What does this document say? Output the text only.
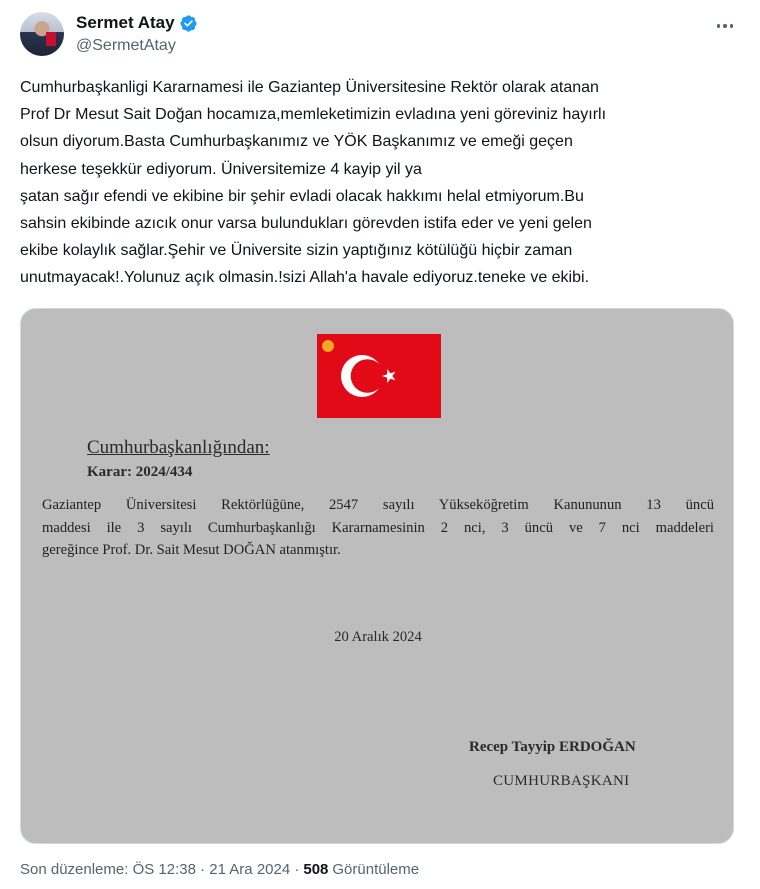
Sermet Atay
@SermetAtay
Cumhurbaşkanligi Kararnamesi ile Gaziantep Üniversitesine Rektör olarak atanan
Prof Dr Mesut Sait Doğan hocamıza,memleketimizin evladına yeni göreviniz hayırlı
olsun diyorum.Basta Cumhurbaşkanımız ve YÖK Başkanımız ve emeği geçen
herkese teşekkür ediyorum. Üniversitemize 4 kayip yil ya
şatan sağır efendi ve ekibine bir şehir evladi olacak hakkımı helal etmiyorum.Bu
sahsin ekibinde azıcık onur varsa bulundukları görevden istifa eder ve yeni gelen
ekibe kolaylık sağlar.Şehir ve Üniversite sizin yaptığınız kötülüğü hiçbir zaman
unutmayacak!.Yolunuz açık olmasin.!sizi Allah'a havale ediyoruz.teneke ve ekibi.
Cumhurbaşkanlığından:
Karar: 2024/434
Gaziantep Üniversitesi Rektörlüğüne, 2547 sayılı Yükseköğretim Kanununun 13 üncü
maddesi ile 3 sayılı Cumhurbaşkanlığı Kararnamesinin 2 nci, 3 üncü ve 7 nci maddeleri
gereğince Prof. Dr. Sait Mesut DOĞAN atanmıştır.
20 Aralık 2024
Recep Tayyip ERDOĞAN
CUMHURBAŞKANI
Son düzenleme: ÖS 12:38 · 21 Ara 2024 · 508 Görüntüleme
